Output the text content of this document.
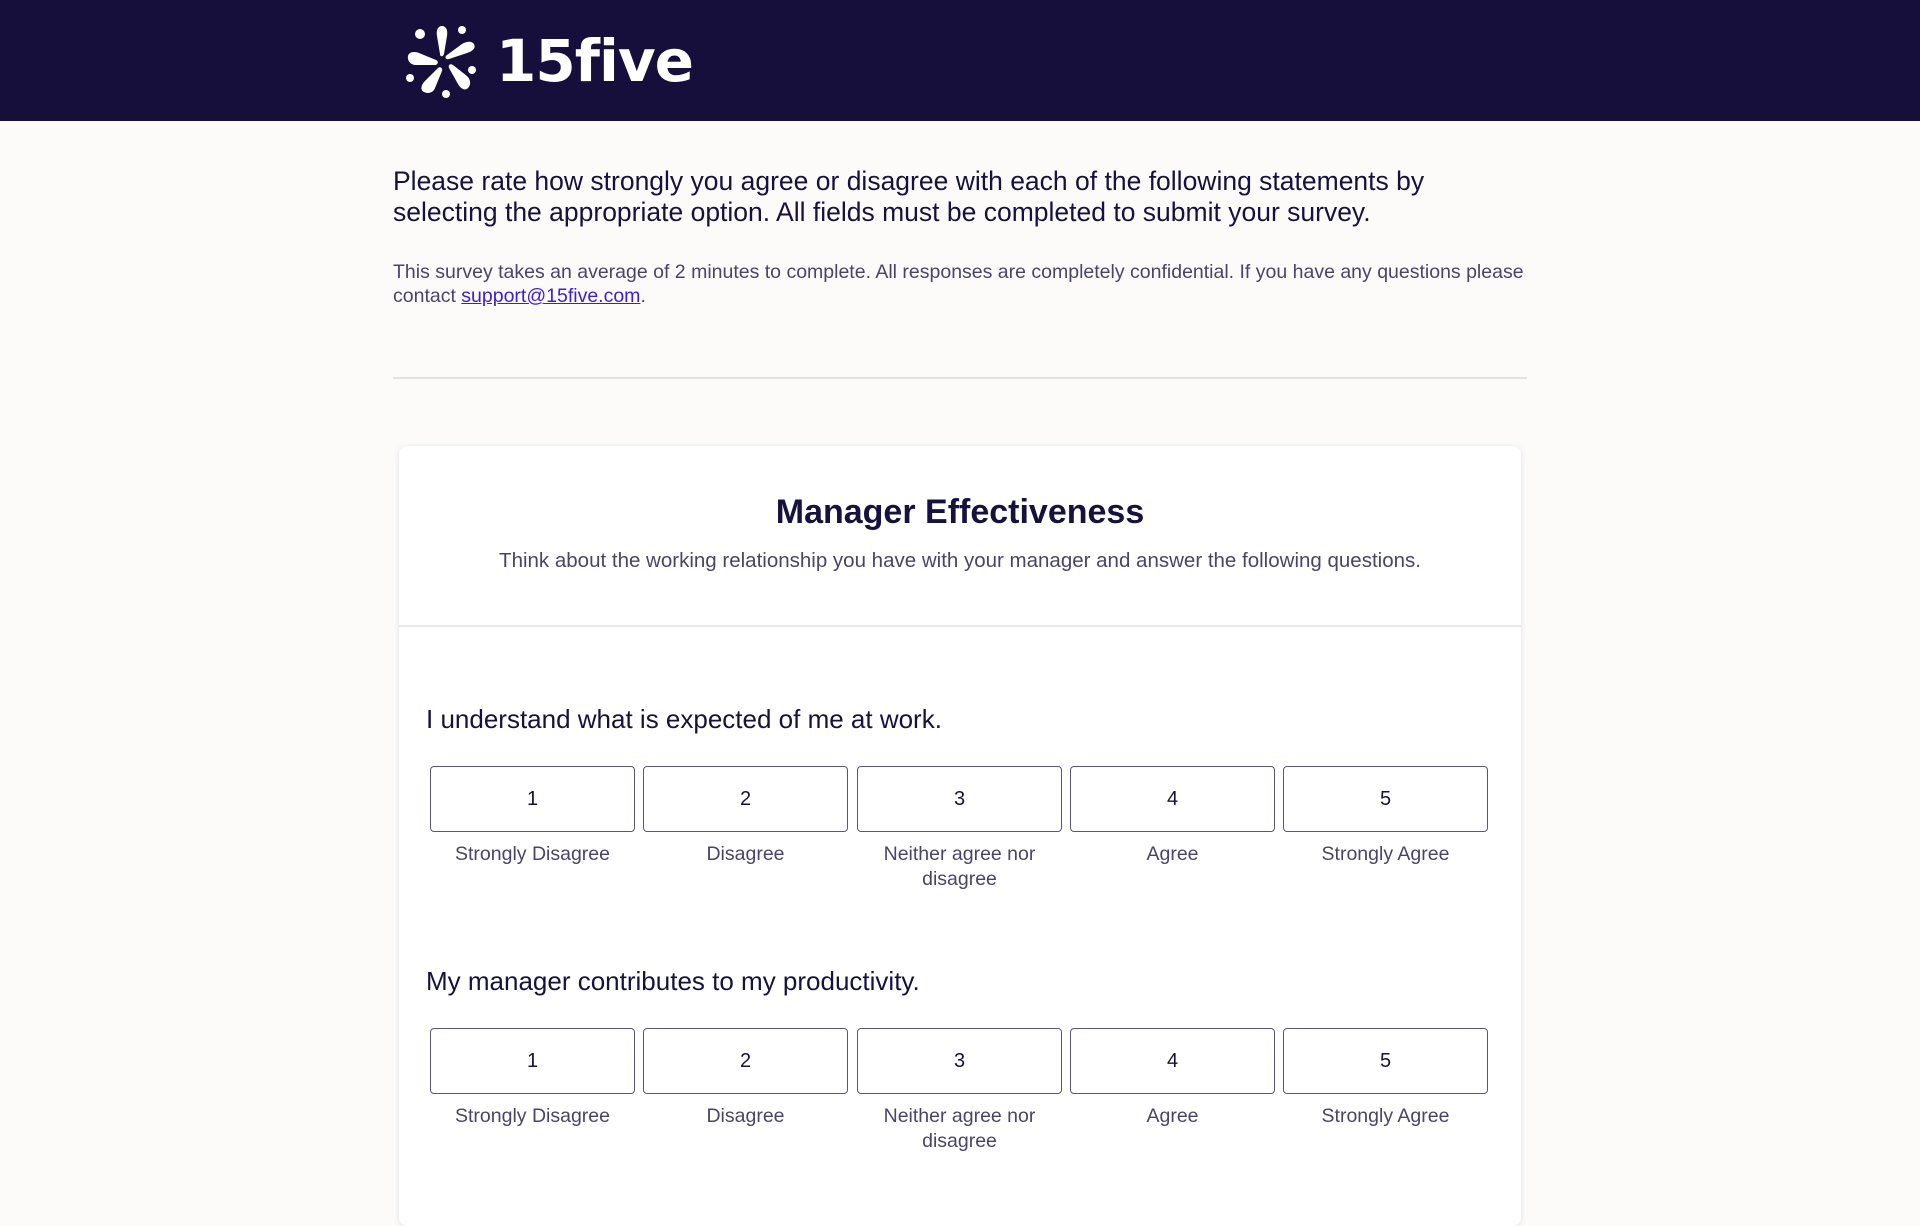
15five

Please rate how strongly you agree or disagree with each of the following statements by selecting the appropriate option. All fields must be completed to submit your survey.

This survey takes an average of 2 minutes to complete. All responses are completely confidential. If you have any questions please contact support@15five.com.

Manager Effectiveness

Think about the working relationship you have with your manager and answer the following questions.

I understand what is expected of me at work.
1
Strongly Disagree
2
Disagree
3
Neither agree nor disagree
4
Agree
5
Strongly Agree
My manager contributes to my productivity.
1
Strongly Disagree
2
Disagree
3
Neither agree nor disagree
4
Agree
5
Strongly Agree
